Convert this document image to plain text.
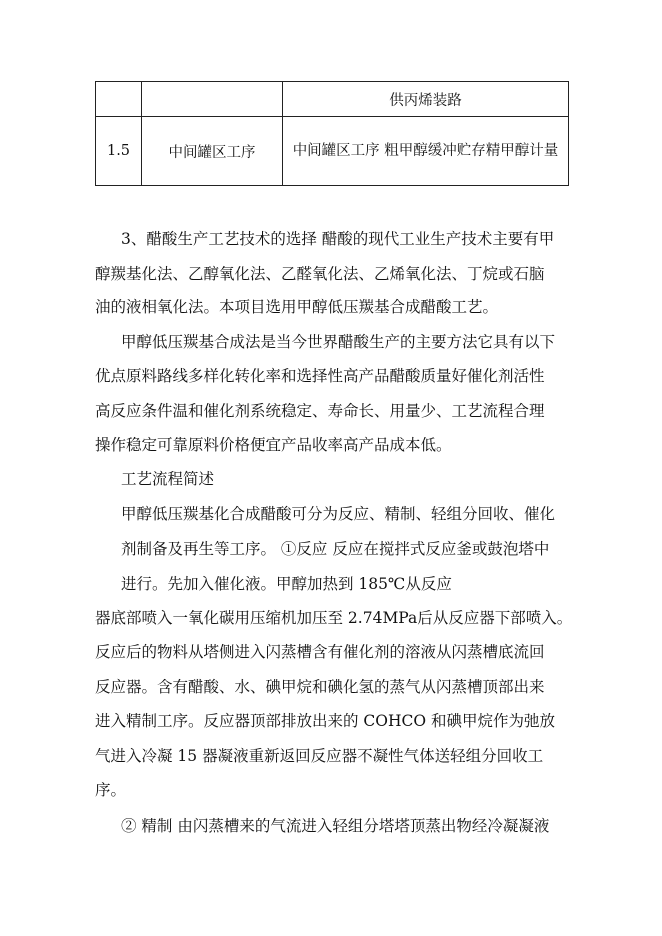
		供丙烯装路
1.5	中间罐区工序	中间罐区工序 粗甲醇缓冲贮存精甲醇计量
3、醋酸生产工艺技术的选择 醋酸的现代工业生产技术主要有甲
醇羰基化法、乙醇氧化法、乙醛氧化法、乙烯氧化法、丁烷或石脑
油的液相氧化法。本项目选用甲醇低压羰基合成醋酸工艺。
甲醇低压羰基合成法是当今世界醋酸生产的主要方法它具有以下
优点原料路线多样化转化率和选择性高产品醋酸质量好催化剂活性
高反应条件温和催化剂系统稳定、寿命长、用量少、工艺流程合理
操作稳定可靠原料价格便宜产品收率高产品成本低。
工艺流程简述
甲醇低压羰基化合成醋酸可分为反应、精制、轻组分回收、催化
剂制备及再生等工序。 ①反应 反应在搅拌式反应釜或鼓泡塔中
进行。先加入催化液。甲醇加热到 185℃从反应
器底部喷入一氧化碳用压缩机加压至 2.74MPa后从反应器下部喷入。
反应后的物料从塔侧进入闪蒸槽含有催化剂的溶液从闪蒸槽底流回
反应器。含有醋酸、水、碘甲烷和碘化氢的蒸气从闪蒸槽顶部出来
进入精制工序。反应器顶部排放出来的 COHCO 和碘甲烷作为弛放
气进入冷凝 15 器凝液重新返回反应器不凝性气体送轻组分回收工
序。
② 精制 由闪蒸槽来的气流进入轻组分塔塔顶蒸出物经冷凝凝液
